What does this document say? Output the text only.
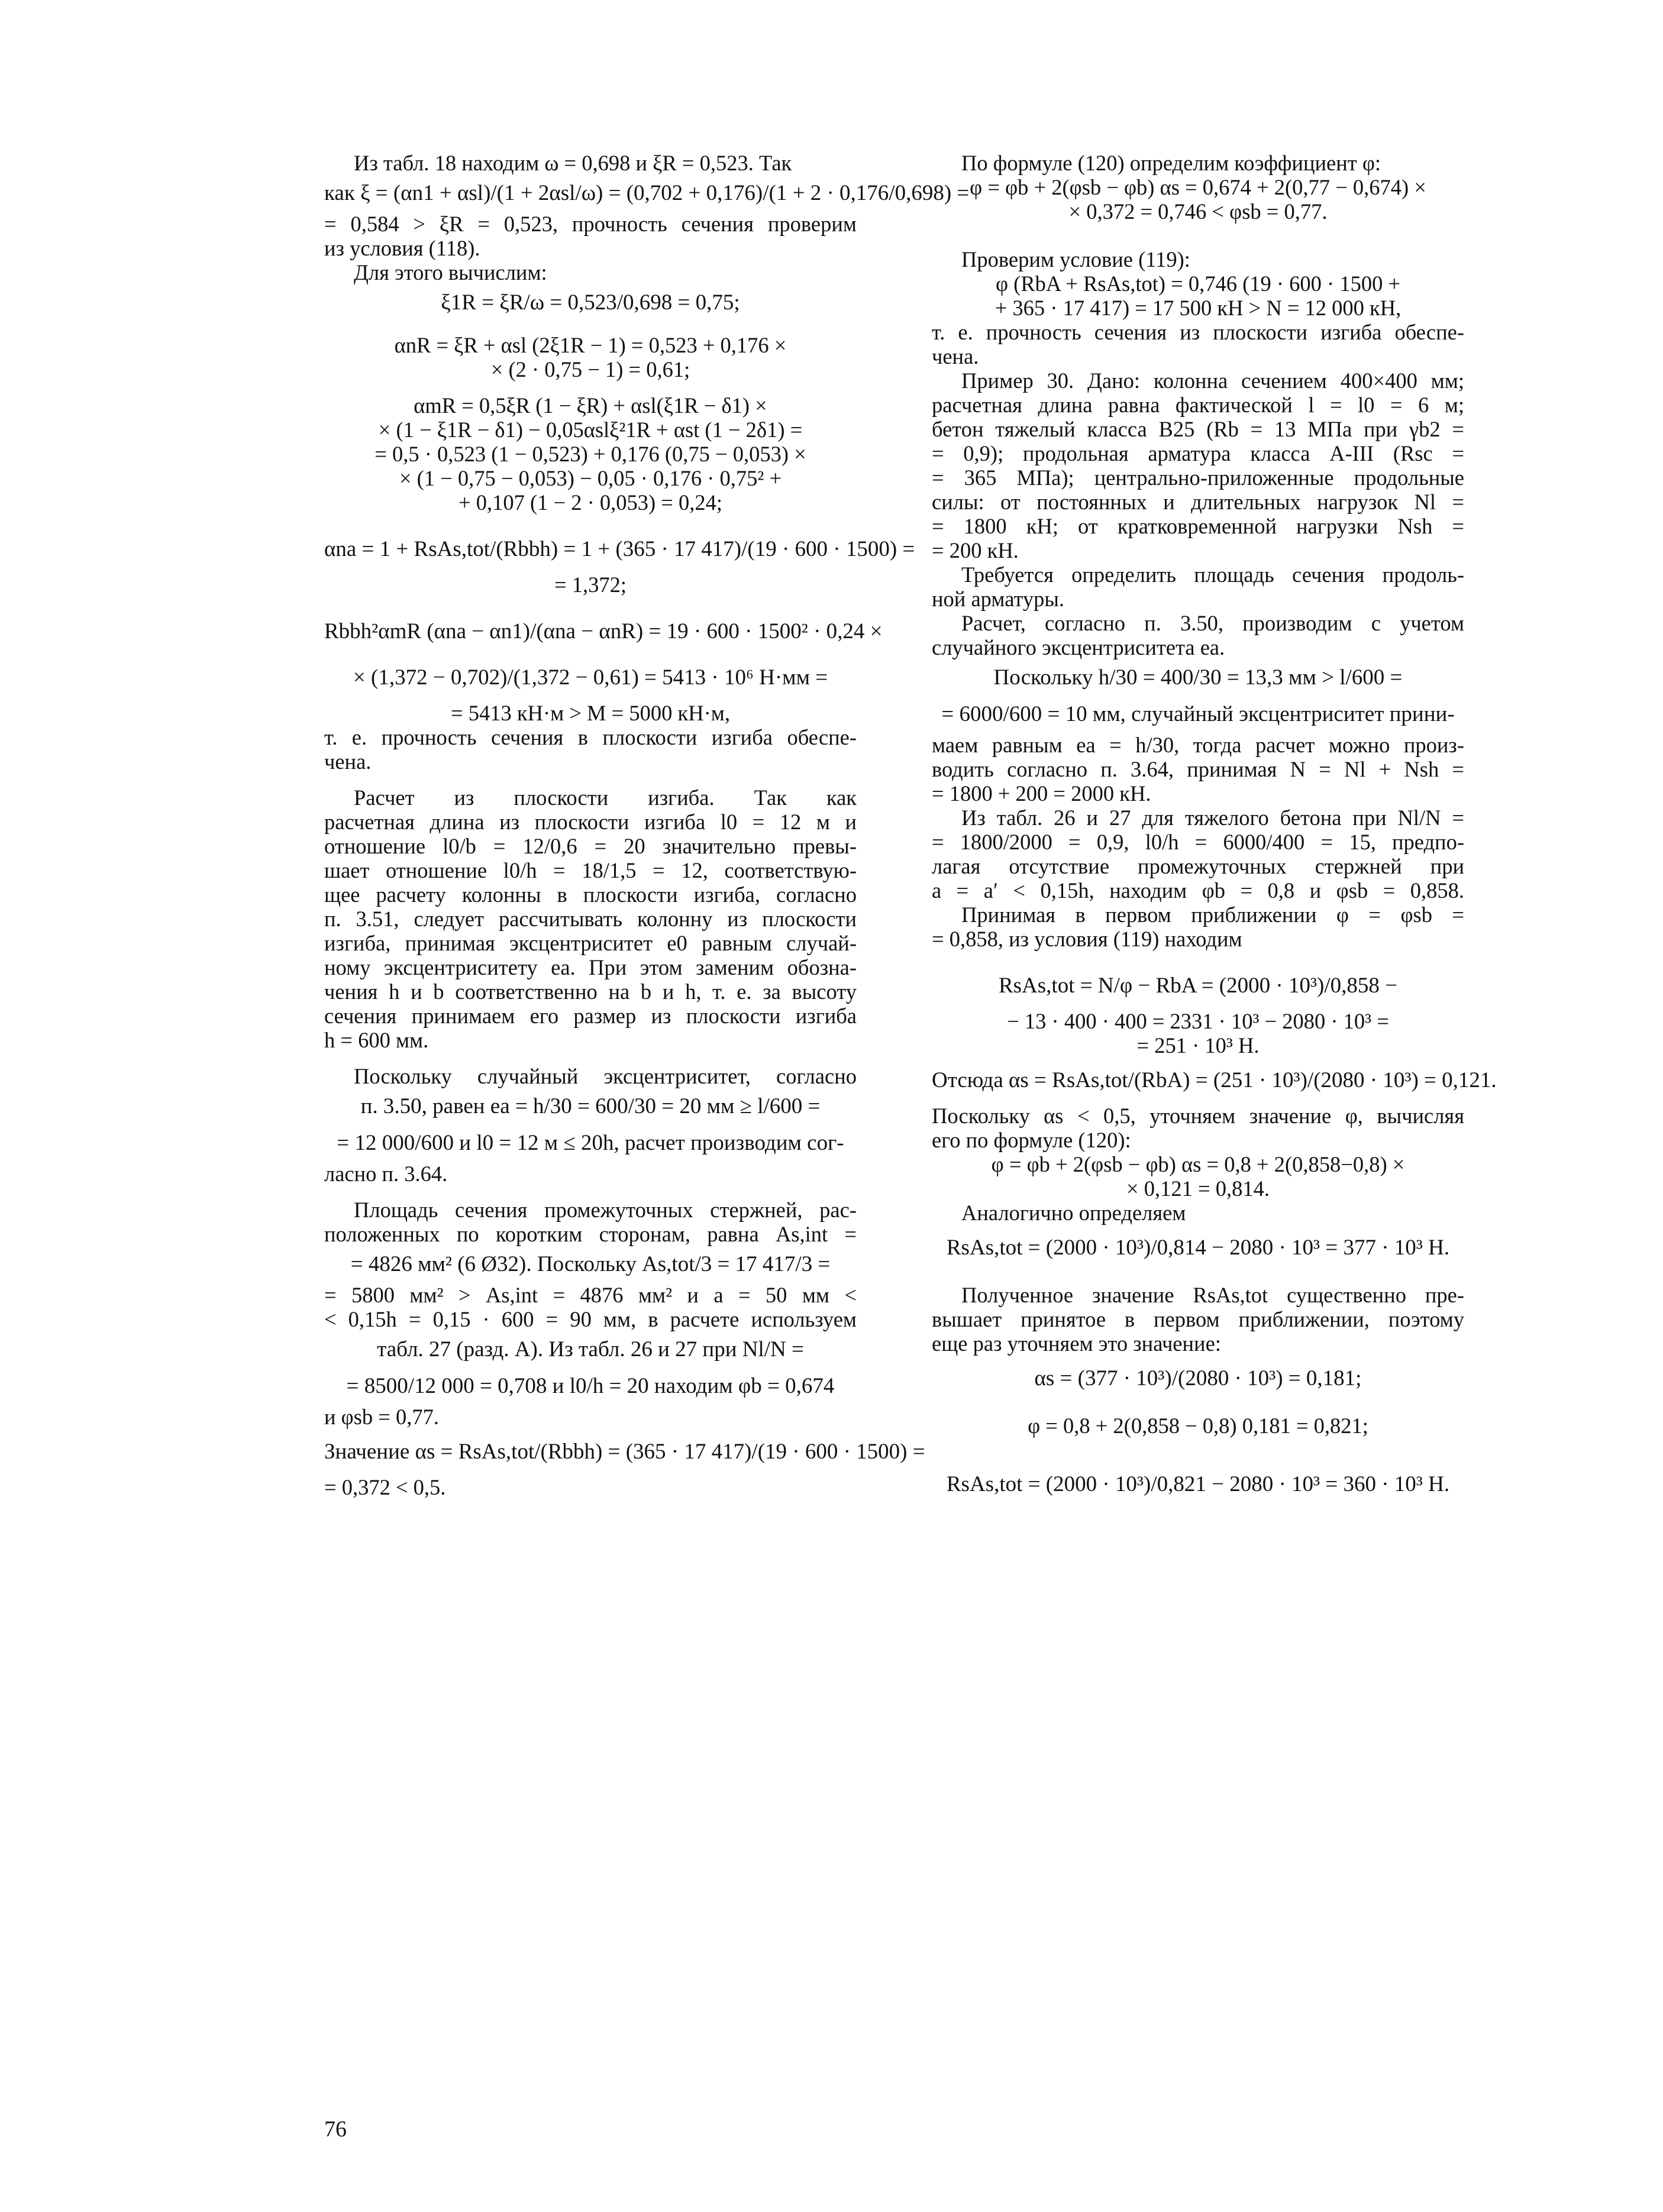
Из табл. 18 находим ω = 0,698 и ξR = 0,523. Так
как ξ = (αn1 + αsl)/(1 + 2αsl/ω) = (0,702 + 0,176)/(1 + 2 · 0,176/0,698) =
= 0,584 > ξR = 0,523, прочность сечения проверим
из условия (118).
Для этого вычислим:
ξ1R = ξR/ω = 0,523/0,698 = 0,75;
αnR = ξR + αsl (2ξ1R − 1) = 0,523 + 0,176 ×
× (2 · 0,75 − 1) = 0,61;
αmR = 0,5ξR (1 − ξR) + αsl(ξ1R − δ1) ×
× (1 − ξ1R − δ1) − 0,05αslξ²1R + αst (1 − 2δ1) =
= 0,5 · 0,523 (1 − 0,523) + 0,176 (0,75 − 0,053) ×
× (1 − 0,75 − 0,053) − 0,05 · 0,176 · 0,75² +
+ 0,107 (1 − 2 · 0,053) = 0,24;
αna = 1 + RsAs,tot/(Rbbh) = 1 + (365 · 17 417)/(19 · 600 · 1500) =
= 1,372;
Rbbh²αmR (αna − αn1)/(αna − αnR) = 19 · 600 · 1500² · 0,24 ×
× (1,372 − 0,702)/(1,372 − 0,61) = 5413 · 10⁶ Н·мм =
= 5413 кН·м > M = 5000 кН·м,
т. е. прочность сечения в плоскости изгиба обеспе-
чена.
Расчет из плоскости изгиба. Так как
расчетная длина из плоскости изгиба l0 = 12 м и
отношение l0/b = 12/0,6 = 20 значительно превы-
шает отношение l0/h = 18/1,5 = 12, соответствую-
щее расчету колонны в плоскости изгиба, согласно
п. 3.51, следует рассчитывать колонну из плоскости
изгиба, принимая эксцентриситет e0 равным случай-
ному эксцентриситету ea. При этом заменим обозна-
чения h и b соответственно на b и h, т. е. за высоту
сечения принимаем его размер из плоскости изгиба
h = 600 мм.
Поскольку случайный эксцентриситет, согласно
п. 3.50, равен ea = h/30 = 600/30 = 20 мм ≥ l/600 =
= 12 000/600 и l0 = 12 м ≤ 20h, расчет производим сог-
ласно п. 3.64.
Площадь сечения промежуточных стержней, рас-
положенных по коротким сторонам, равна As,int =
= 4826 мм² (6 Ø32). Поскольку As,tot/3 = 17 417/3 =
= 5800 мм² > As,int = 4876 мм² и a = 50 мм <
< 0,15h = 0,15 · 600 = 90 мм, в расчете используем
табл. 27 (разд. А). Из табл. 26 и 27 при Nl/N =
= 8500/12 000 = 0,708 и l0/h = 20 находим φb = 0,674
и φsb = 0,77.
Значение αs = RsAs,tot/(Rbbh) = (365 · 17 417)/(19 · 600 · 1500) =
= 0,372 < 0,5.
По формуле (120) определим коэффициент φ:
φ = φb + 2(φsb − φb) αs = 0,674 + 2(0,77 − 0,674) ×
× 0,372 = 0,746 < φsb = 0,77.
Проверим условие (119):
φ (RbA + RsAs,tot) = 0,746 (19 · 600 · 1500 +
+ 365 · 17 417) = 17 500 кН > N = 12 000 кН,
т. е. прочность сечения из плоскости изгиба обеспе-
чена.
Пример 30. Дано: колонна сечением 400×400 мм;
расчетная длина равна фактической l = l0 = 6 м;
бетон тяжелый класса B25 (Rb = 13 МПа при γb2 =
= 0,9); продольная арматура класса А-III (Rsc =
= 365 МПа); центрально-приложенные продольные
силы: от постоянных и длительных нагрузок Nl =
= 1800 кН; от кратковременной нагрузки Nsh =
= 200 кН.
Требуется определить площадь сечения продоль-
ной арматуры.
Расчет, согласно п. 3.50, производим с учетом
случайного эксцентриситета ea.
Поскольку h/30 = 400/30 = 13,3 мм > l/600 =
= 6000/600 = 10 мм, случайный эксцентриситет прини-
маем равным ea = h/30, тогда расчет можно произ-
водить согласно п. 3.64, принимая N = Nl + Nsh =
= 1800 + 200 = 2000 кН.
Из табл. 26 и 27 для тяжелого бетона при Nl/N =
= 1800/2000 = 0,9, l0/h = 6000/400 = 15, предпо-
лагая отсутствие промежуточных стержней при
a = a′ < 0,15h, находим φb = 0,8 и φsb = 0,858.
Принимая в первом приближении φ = φsb =
= 0,858, из условия (119) находим
RsAs,tot = N/φ − RbA = (2000 · 10³)/0,858 −
− 13 · 400 · 400 = 2331 · 10³ − 2080 · 10³ =
= 251 · 10³ Н.
Отсюда αs = RsAs,tot/(RbA) = (251 · 10³)/(2080 · 10³) = 0,121.
Поскольку αs < 0,5, уточняем значение φ, вычисляя
его по формуле (120):
φ = φb + 2(φsb − φb) αs = 0,8 + 2(0,858−0,8) ×
× 0,121 = 0,814.
Аналогично определяем
RsAs,tot = (2000 · 10³)/0,814 − 2080 · 10³ = 377 · 10³ Н.
Полученное значение RsAs,tot существенно пре-
вышает принятое в первом приближении, поэтому
еще раз уточняем это значение:
αs = (377 · 10³)/(2080 · 10³) = 0,181;
φ = 0,8 + 2(0,858 − 0,8) 0,181 = 0,821;
RsAs,tot = (2000 · 10³)/0,821 − 2080 · 10³ = 360 · 10³ Н.
76
